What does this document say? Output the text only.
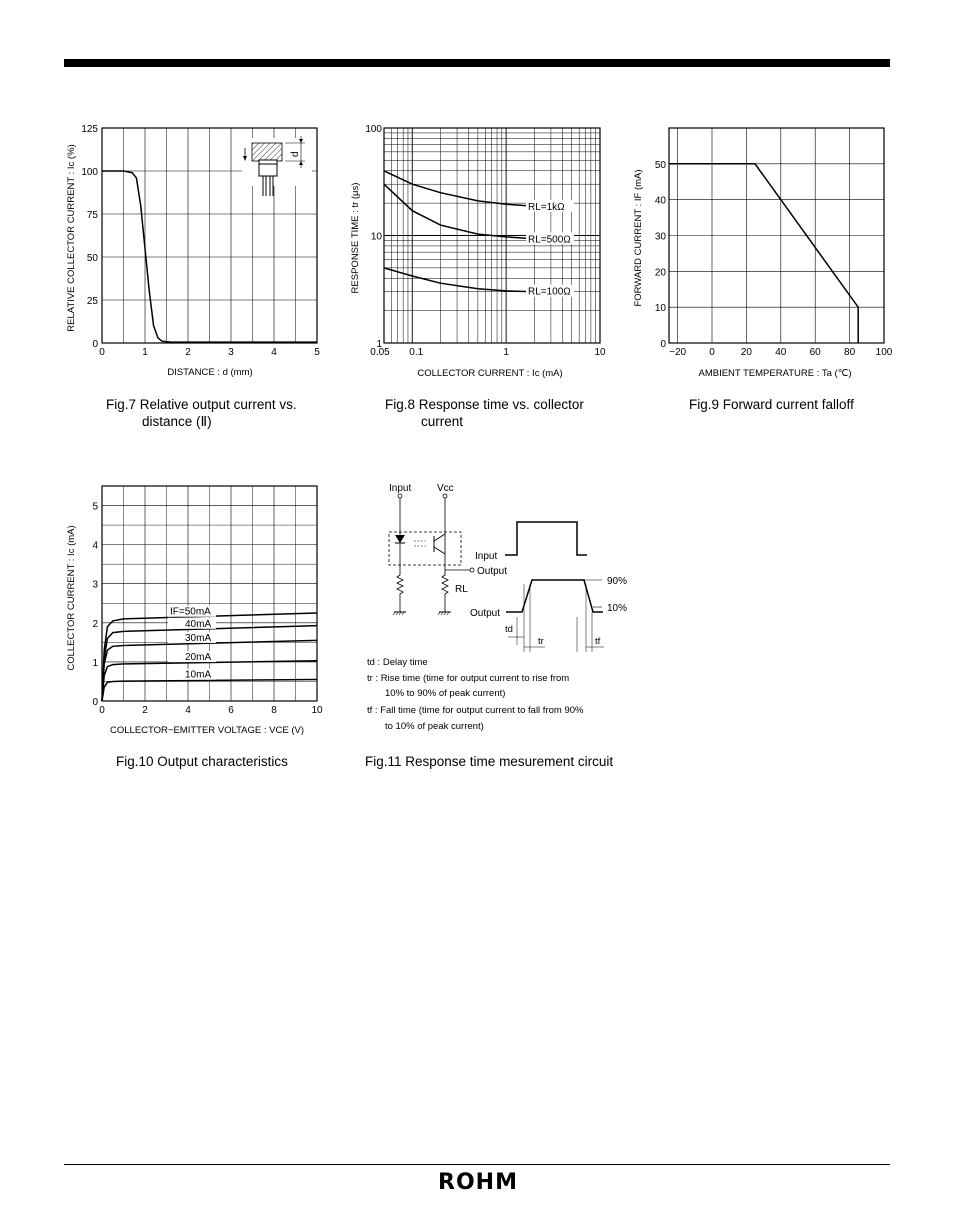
d
0	1	2	3	4	5
0
25
50
75
100
125
DISTANCE : d (mm)
RELATIVE COLLECTOR CURRENT : Ic (%)
Fig.7 Relative output current vs.
distance (Ⅱ)
RL=1kΩ
RL=500Ω
RL=100Ω
0.05 0.1	1	10
1
10
100
COLLECTOR CURRENT : Ic (mA)
RESPONSE TIME : tr (μs)
Fig.8 Response time vs. collector
current
−20 0	20 40 60 80 100
0
10
20
30
40
50
AMBIENT TEMPERATURE : Ta (℃)
FORWARD CURRENT : IF (mA)
Fig.9 Forward current falloff
IF=50mA
40mA
30mA
20mA
10mA
0	2	4	6	8	10
0
1
2
3
4
5
COLLECTOR−EMITTER VOLTAGE : VCE (V)
COLLECTOR CURRENT : Ic (mA)
Fig.10 Output characteristics
Input	Vcc
Output
RL
Input
Output
90%
10%
td
tr	tf
td : Delay time
tr : Rise time (time for output current to rise from
10% to 90% of peak current)
tf : Fall time (time for output current to fall from 90%
to 10% of peak current)
Fig.11 Response time mesurement circuit
ROHM
